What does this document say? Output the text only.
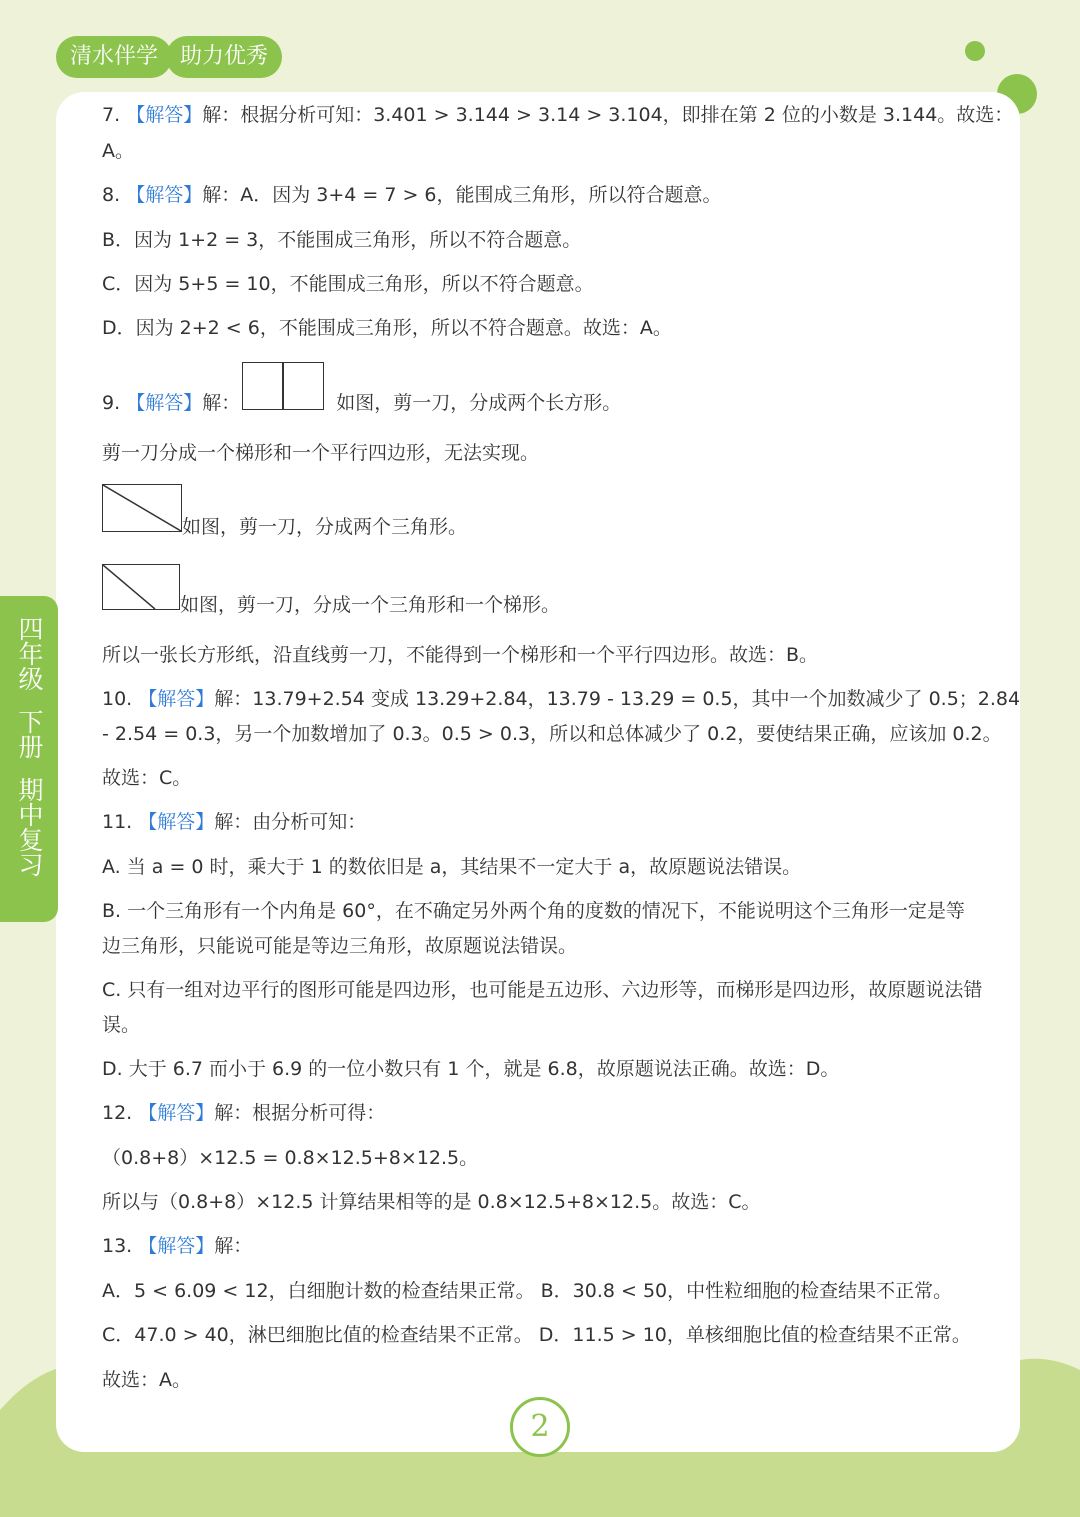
清水伴学 助力优秀
四年级
下册
期中复习
7. 【解答】解：根据分析可知：3.401 > 3.144 > 3.14 > 3.104，即排在第 2 位的小数是 3.144。故选：
A。
8. 【解答】解：A．因为 3+4 = 7 > 6，能围成三角形，所以符合题意。
B．因为 1+2 = 3，不能围成三角形，所以不符合题意。
C．因为 5+5 = 10，不能围成三角形，所以不符合题意。
D．因为 2+2 < 6，不能围成三角形，所以不符合题意。故选：A。
9. 【解答】解：	如图，剪一刀，分成两个长方形。
剪一刀分成一个梯形和一个平行四边形，无法实现。
如图，剪一刀，分成两个三角形。
如图，剪一刀，分成一个三角形和一个梯形。
所以一张长方形纸，沿直线剪一刀，不能得到一个梯形和一个平行四边形。故选：B。
10. 【解答】解：13.79+2.54 变成 13.29+2.84，13.79 - 13.29 = 0.5，其中一个加数减少了 0.5；2.84
- 2.54 = 0.3，另一个加数增加了 0.3。0.5 > 0.3，所以和总体减少了 0.2，要使结果正确，应该加 0.2。
故选：C。
11. 【解答】解：由分析可知：
A. 当 a = 0 时，乘大于 1 的数依旧是 a，其结果不一定大于 a，故原题说法错误。
B. 一个三角形有一个内角是 60°，在不确定另外两个角的度数的情况下，不能说明这个三角形一定是等
边三角形，只能说可能是等边三角形，故原题说法错误。
C. 只有一组对边平行的图形可能是四边形，也可能是五边形、六边形等，而梯形是四边形，故原题说法错
误。
D. 大于 6.7 而小于 6.9 的一位小数只有 1 个，就是 6.8，故原题说法正确。故选：D。
12. 【解答】解：根据分析可得：
（0.8+8）×12.5 = 0.8×12.5+8×12.5。
所以与（0.8+8）×12.5 计算结果相等的是 0.8×12.5+8×12.5。故选：C。
13. 【解答】解：
A．5 < 6.09 < 12，白细胞计数的检查结果正常。 B．30.8 < 50，中性粒细胞的检查结果不正常。
C．47.0 > 40，淋巴细胞比值的检查结果不正常。 D．11.5 > 10，单核细胞比值的检查结果不正常。
故选：A。
2
